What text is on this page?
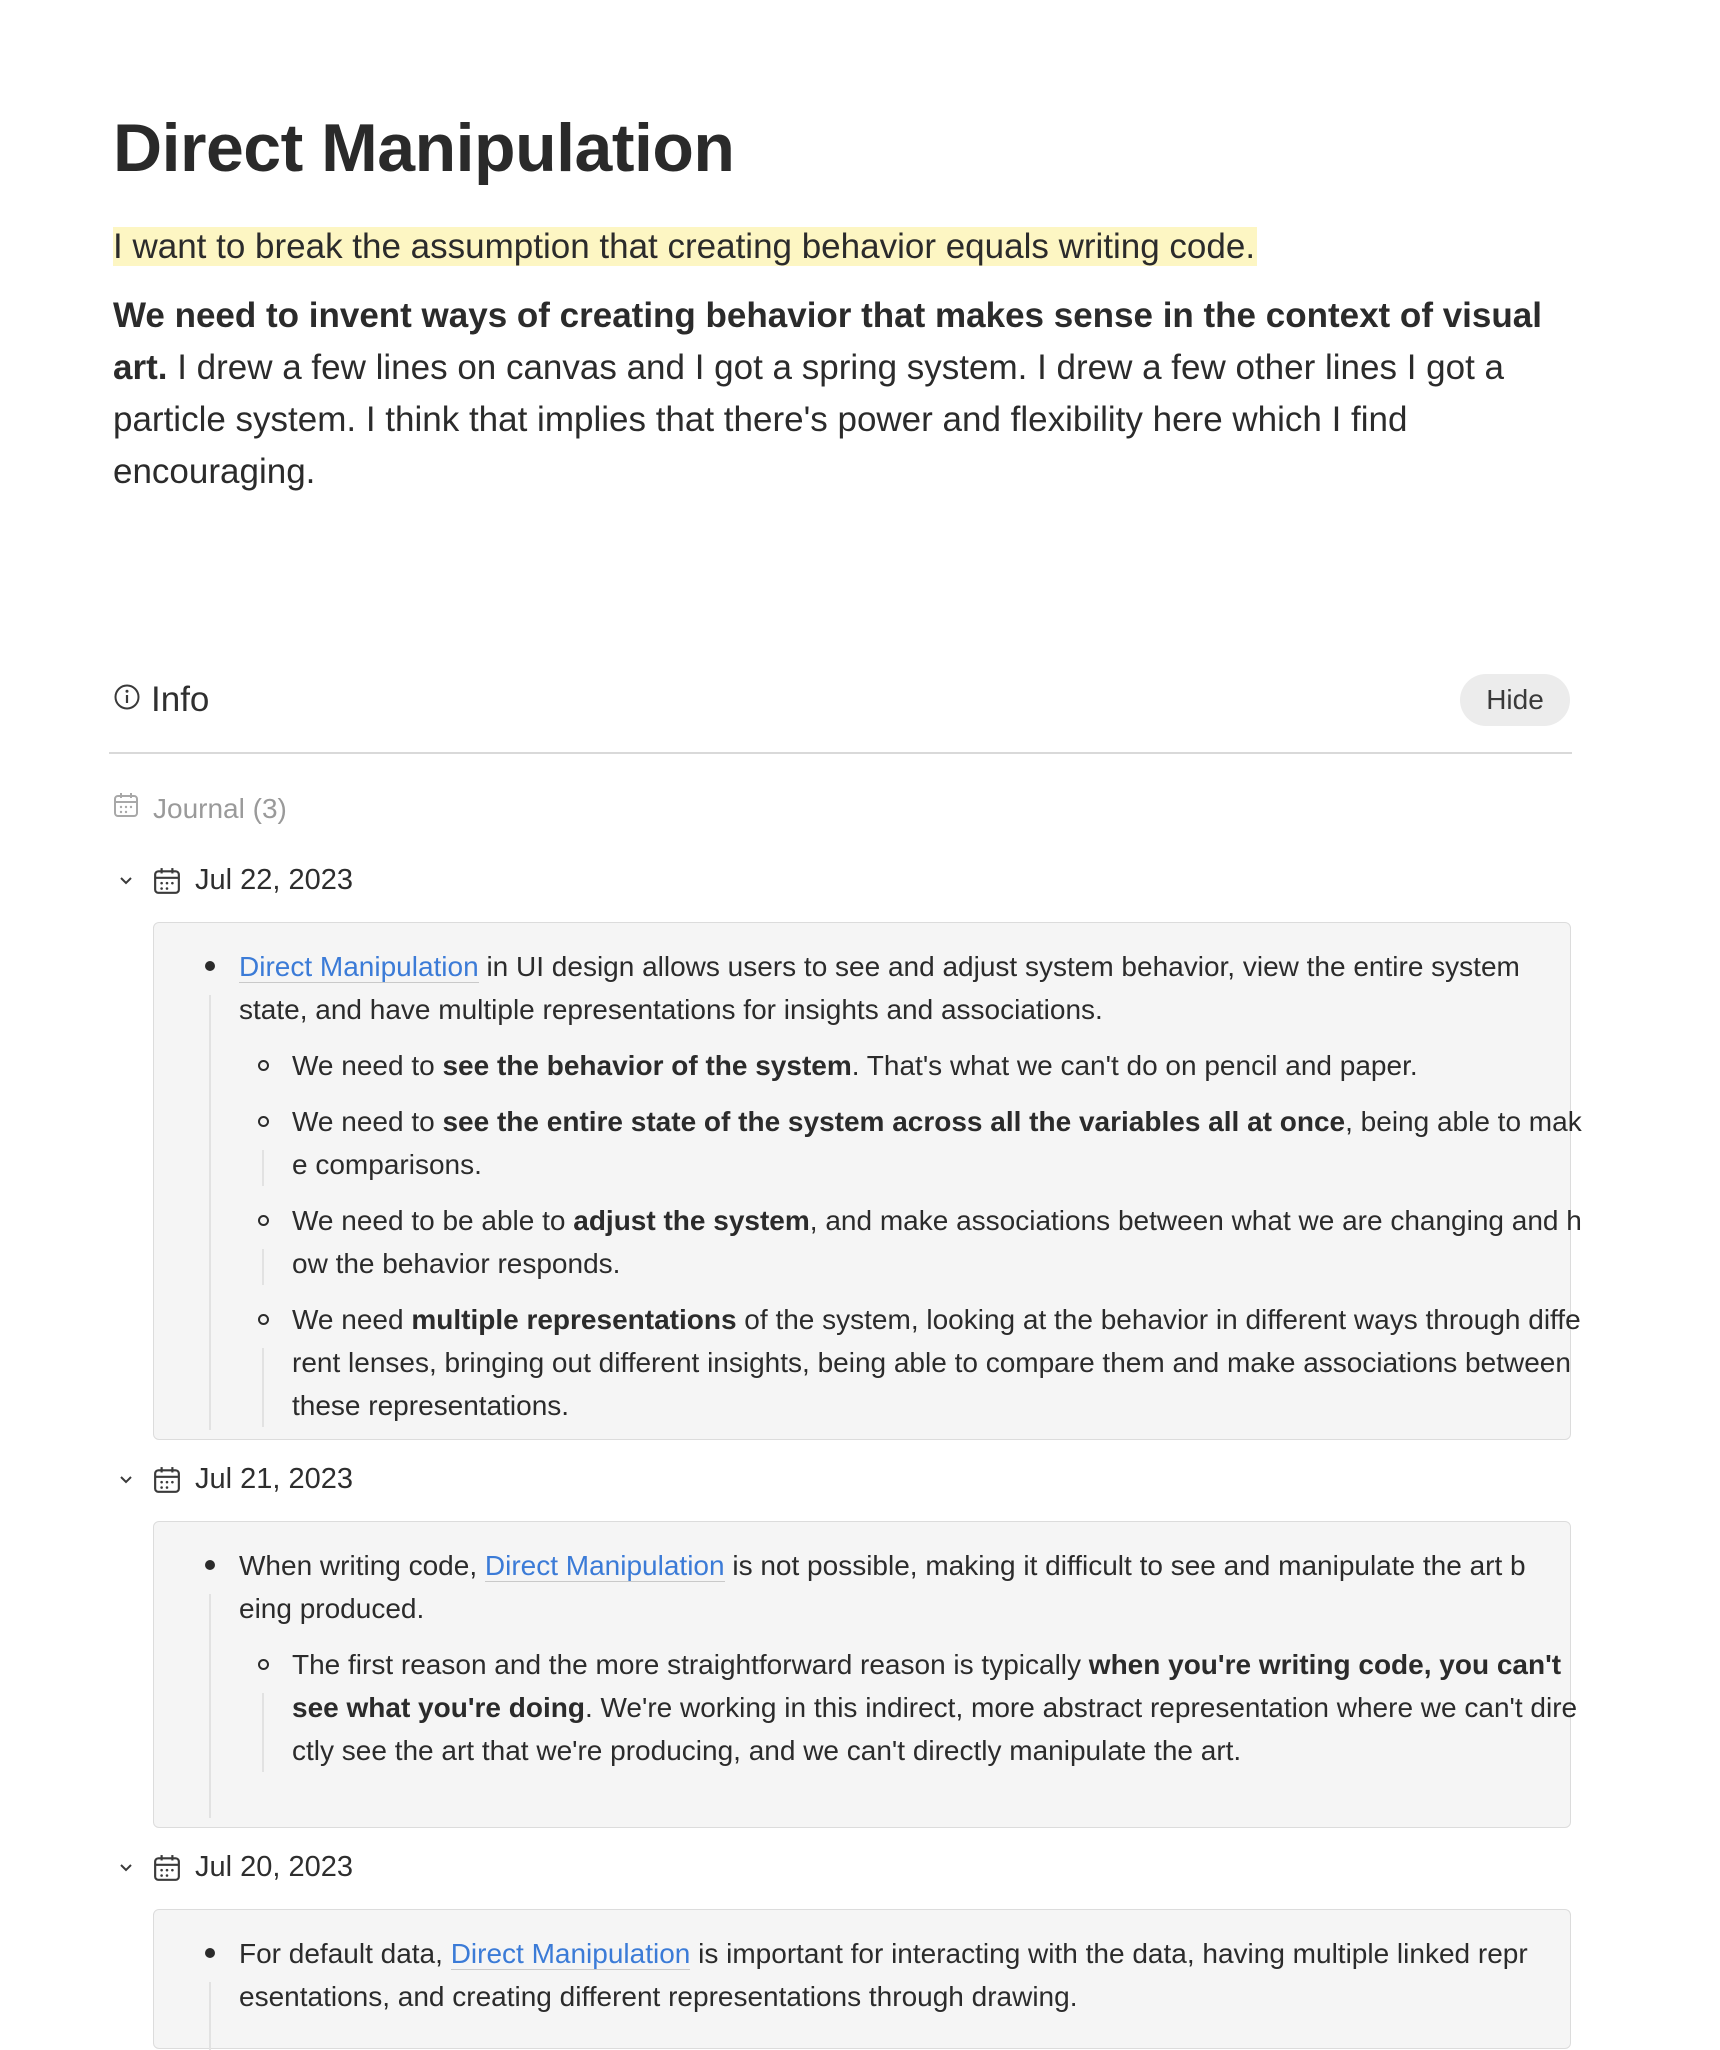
Direct Manipulation
I want to break the assumption that creating behavior equals writing code.
We need to invent ways of creating behavior that makes sense in the context of visual art. I drew a few lines on canvas and I got a spring system. I drew a few other lines I got a particle system. I think that implies that there's power and flexibility here which I find encouraging.
Info	Hide
Journal (3)
Jul 22, 2023
Direct Manipulation in UI design allows users to see and adjust system behavior, view the entire system state, and have multiple representations for insights and associations.
We need to see the behavior of the system. That's what we can't do on pencil and paper.
We need to see the entire state of the system across all the variables all at once, being able to make comparisons.
We need to be able to adjust the system, and make associations between what we are changing and how the behavior responds.
We need multiple representations of the system, looking at the behavior in different ways through different lenses, bringing out different insights, being able to compare them and make associations between these representations.
Jul 21, 2023
When writing code, Direct Manipulation is not possible, making it difficult to see and manipulate the art being produced.
The first reason and the more straightforward reason is typically when you're writing code, you can't see what you're doing. We're working in this indirect, more abstract representation where we can't directly see the art that we're producing, and we can't directly manipulate the art.
Jul 20, 2023
For default data, Direct Manipulation is important for interacting with the data, having multiple linked representations, and creating different representations through drawing.
